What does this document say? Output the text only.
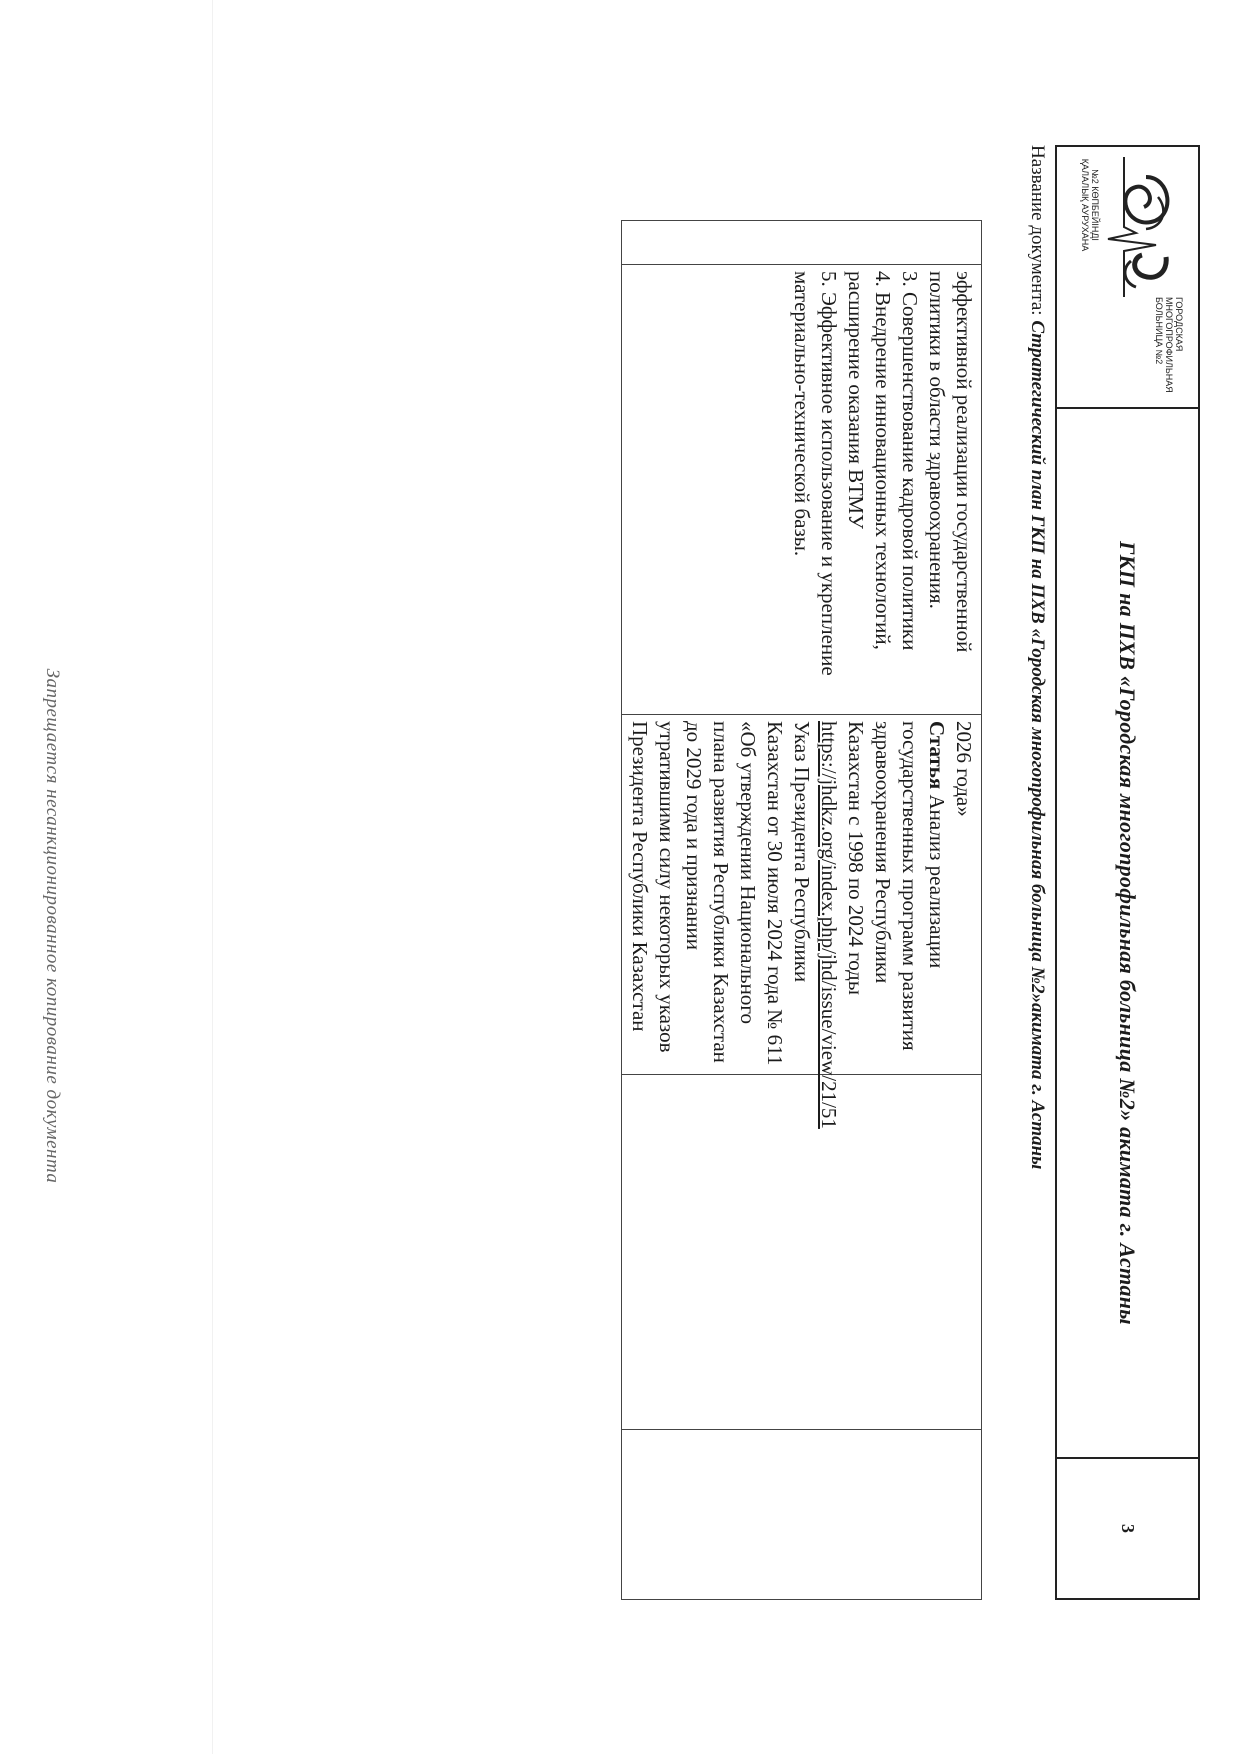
Запрещается несанкционированное копирование документа
№2 КӨПБЕЙІНДІ ҚАЛАЛЫҚ АУРУХАНА
ГОРОДСКАЯ МНОГОПРОФИЛЬНАЯ БОЛЬНИЦА №2
ГКП на ПХВ «Городская многопрофильная больница №2» акимата г. Астаны
3
Название документа: Стратегический план ГКП на ПХВ «Городская многопрофильная больница №2»акимата г. Астаны

эффективной реализации государственной политики в области здравоохранения.

3. Совершенствование кадровой политики

4. Внедрение инновационных технологий, расширение оказания ВТМУ

5. Эффективное использование и укрепление материально-технической базы.

2026 года»

Статья Анализ реализации государственных программ развития здравоохранения Республики Казахстан с 1998 по 2024 годы

https://jhdkz.org/index.php/jhd/issue/view/21/51

Указ Президента Республики Казахстан от 30 июля 2024 года № 611 «Об утверждении Национального плана развития Республики Казахстан до 2029 года и признании утратившими силу некоторых указов Президента Республики Казахстан
